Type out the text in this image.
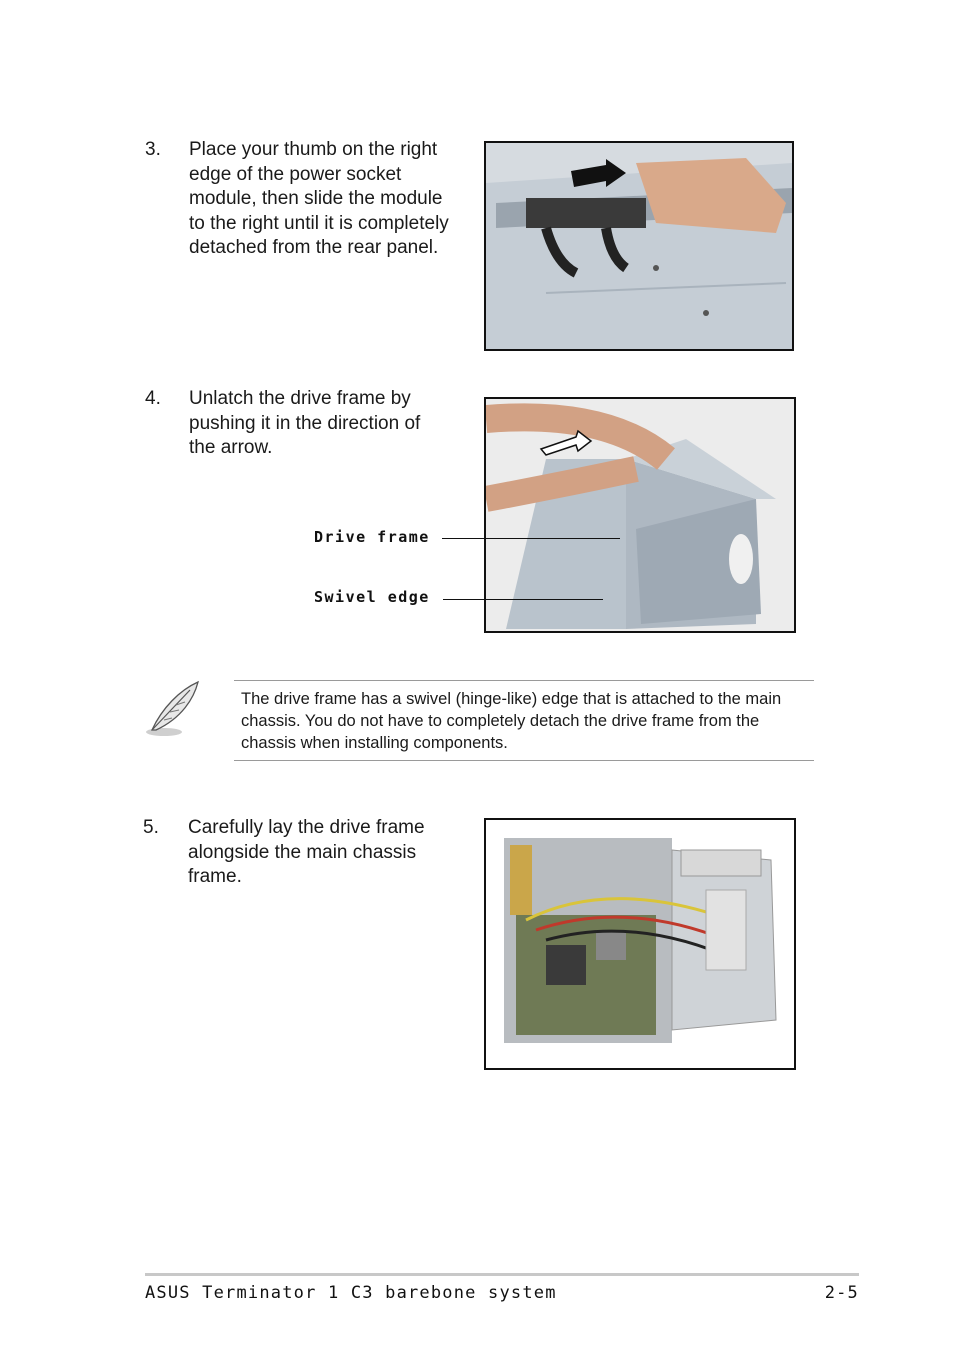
3. Place your thumb on the right edge of the power socket module, then slide the module to the right until it is completely detached from the rear panel.
4. Unlatch the drive frame by pushing it in the direction of the arrow.
Drive frame
Swivel edge
The drive frame has a swivel (hinge-like) edge that is attached to the main chassis. You do not have to completely detach the drive frame from the chassis when installing components.
5. Carefully lay the drive frame alongside the main chassis frame.
ASUS Terminator 1 C3 barebone system	2-5
